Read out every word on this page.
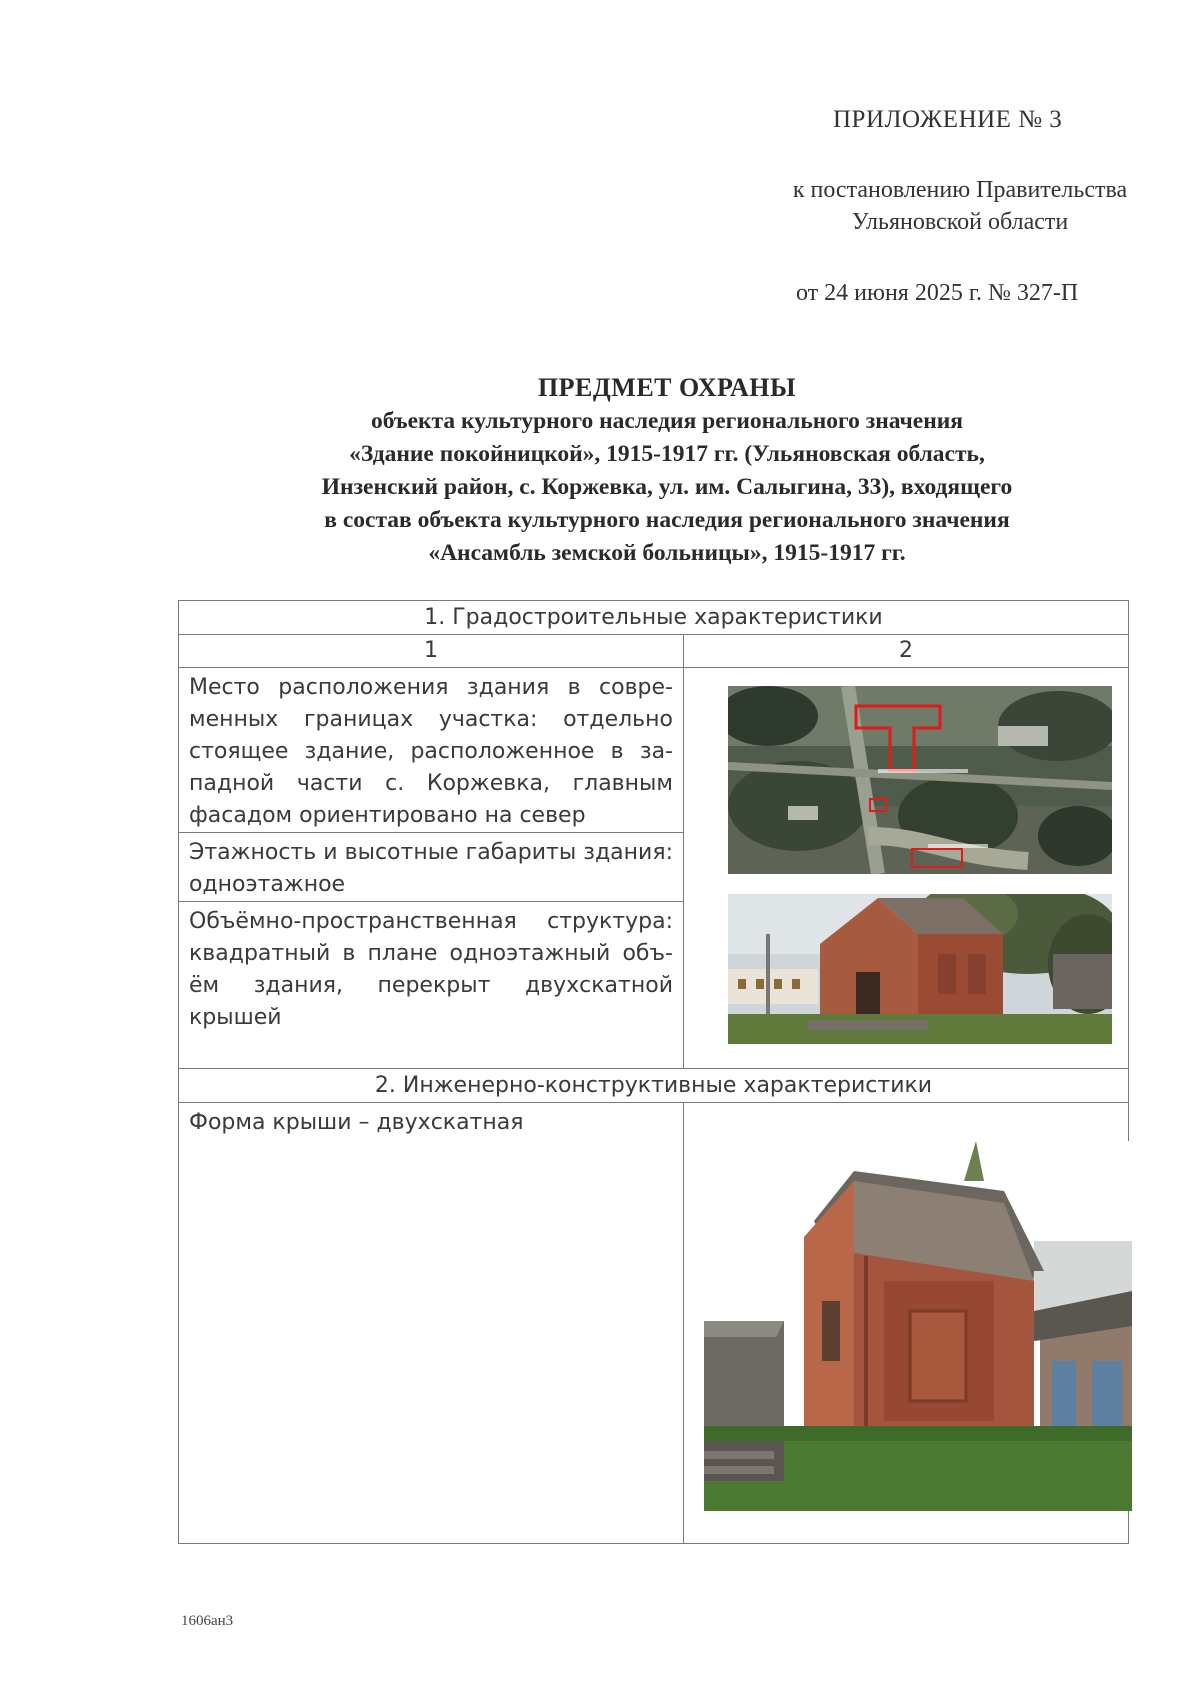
ПРИЛОЖЕНИЕ № 3
к постановлению Правительства
Ульяновской области
от 24 июня 2025 г. № 327-П
ПРЕДМЕТ ОХРАНЫ
объекта культурного наследия регионального значения
«Здание покойницкой», 1915-1917 гг. (Ульяновская область,
Инзенский район, с. Коржевка, ул. им. Салыгина, 33), входящего
в состав объекта культурного наследия регионального значения
«Ансамбль земской больницы», 1915-1917 гг.
1. Градостроительные характеристики	
1	2

Место расположения здания в современных границах участка: отдельно стоящее здание, расположенное в западной части с. Коржевка, главным фасадом ориентировано на север

Этажность и высотные габариты здания: одноэтажное	

Объёмно-пространственная структура: квадратный в плане одноэтажный объём здания, перекрыт двухскатной крышей	

2. Инженерно-конструктивные характеристики	

Форма крыши – двухскатная

1606ан3
